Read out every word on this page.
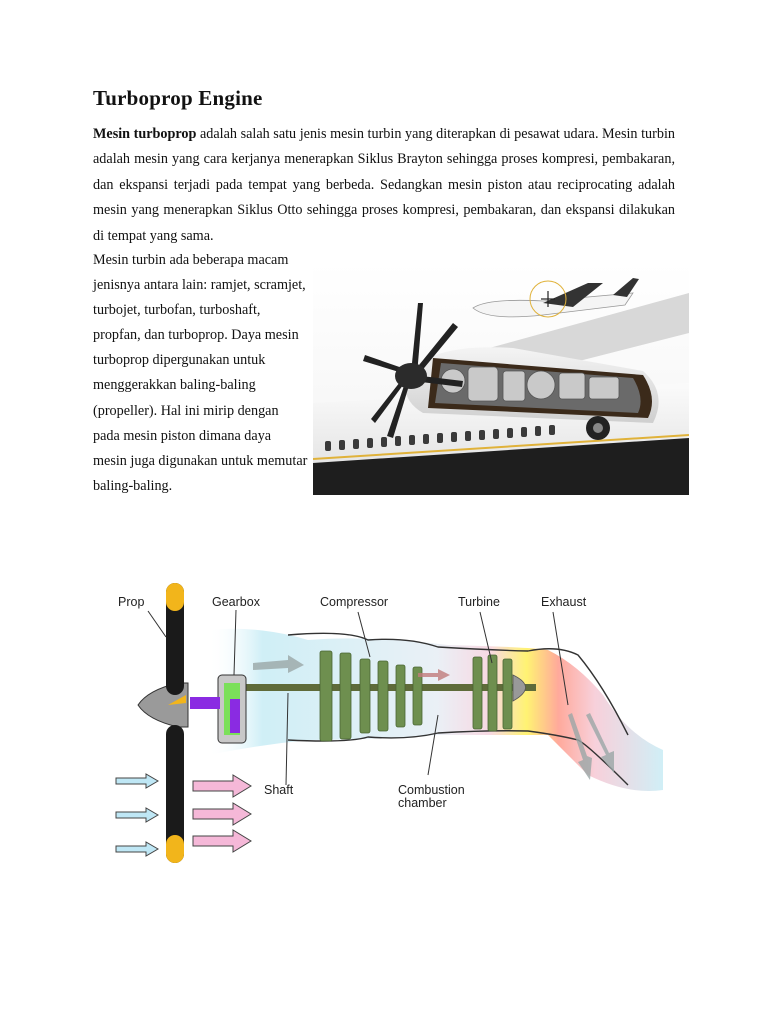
Turboprop Engine

Mesin turboprop adalah salah satu jenis mesin turbin yang diterapkan di pesawat udara. Mesin turbin adalah mesin yang cara kerjanya menerapkan Siklus Brayton sehingga proses kompresi, pembakaran, dan ekspansi terjadi pada tempat yang berbeda. Sedangkan mesin piston atau reciprocating adalah mesin yang menerapkan Siklus Otto sehingga proses kompresi, pembakaran, dan ekspansi dilakukan di tempat yang sama.

Mesin turbin ada beberapa macam jenisnya antara lain: ramjet, scramjet, turbojet, turbofan, turboshaft, propfan, dan turboprop. Daya mesin turboprop dipergunakan untuk menggerakkan baling-baling (propeller). Hal ini mirip dengan pada mesin piston dimana daya mesin juga digunakan untuk memutar baling-baling.

Prop	Gearbox	Compressor	Turbine	Exhaust
Shaft	Combustion
chamber
